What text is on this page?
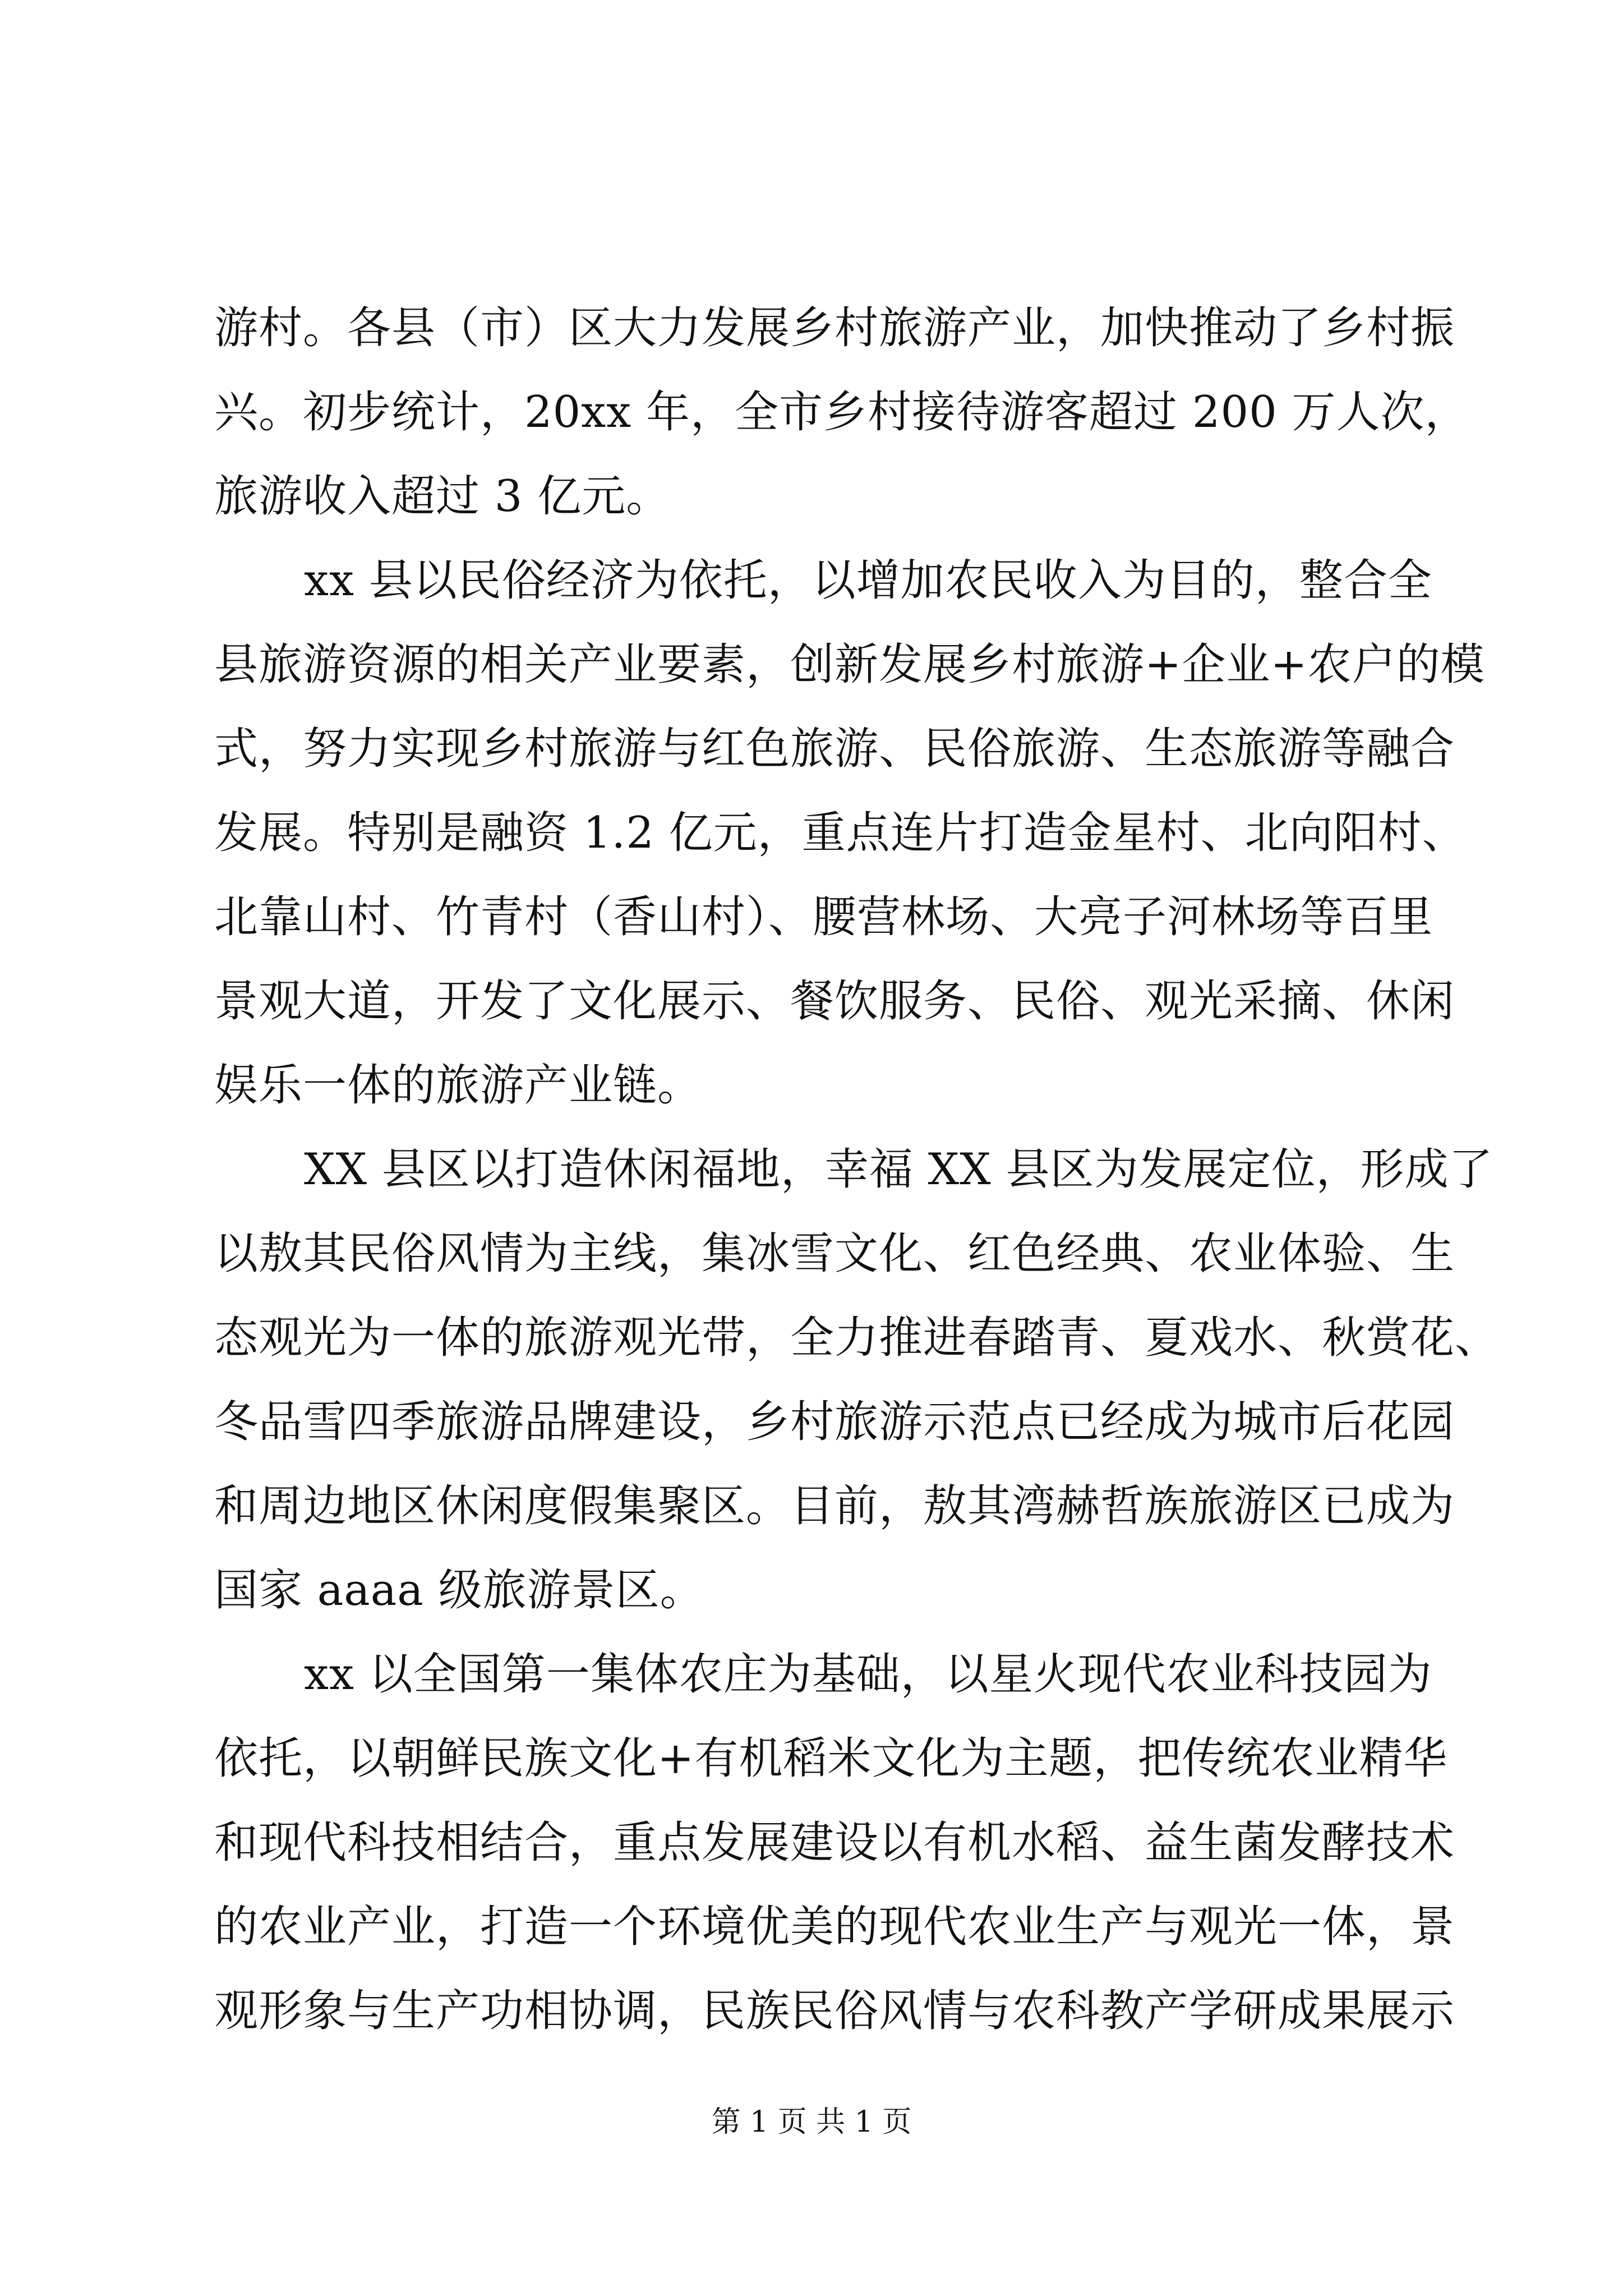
游村。各县（市）区大力发展乡村旅游产业，加快推动了乡村振
兴。初步统计，20xx 年，全市乡村接待游客超过 200 万人次，
旅游收入超过 3 亿元。
xx 县以民俗经济为依托，以增加农民收入为目的，整合全
县旅游资源的相关产业要素，创新发展乡村旅游+企业+农户的模
式，努力实现乡村旅游与红色旅游、民俗旅游、生态旅游等融合
发展。特别是融资 1.2 亿元，重点连片打造金星村、北向阳村、
北靠山村、竹青村（香山村）、腰营林场、大亮子河林场等百里
景观大道，开发了文化展示、餐饮服务、民俗、观光采摘、休闲
娱乐一体的旅游产业链。
XX 县区以打造休闲福地，幸福 XX 县区为发展定位，形成了
以敖其民俗风情为主线，集冰雪文化、红色经典、农业体验、生
态观光为一体的旅游观光带，全力推进春踏青、夏戏水、秋赏花、
冬品雪四季旅游品牌建设，乡村旅游示范点已经成为城市后花园
和周边地区休闲度假集聚区。目前，敖其湾赫哲族旅游区已成为
国家 aaaa 级旅游景区。
xx 以全国第一集体农庄为基础，以星火现代农业科技园为
依托，以朝鲜民族文化+有机稻米文化为主题，把传统农业精华
和现代科技相结合，重点发展建设以有机水稻、益生菌发酵技术
的农业产业，打造一个环境优美的现代农业生产与观光一体，景
观形象与生产功相协调，民族民俗风情与农科教产学研成果展示
第 1 页 共 1 页
